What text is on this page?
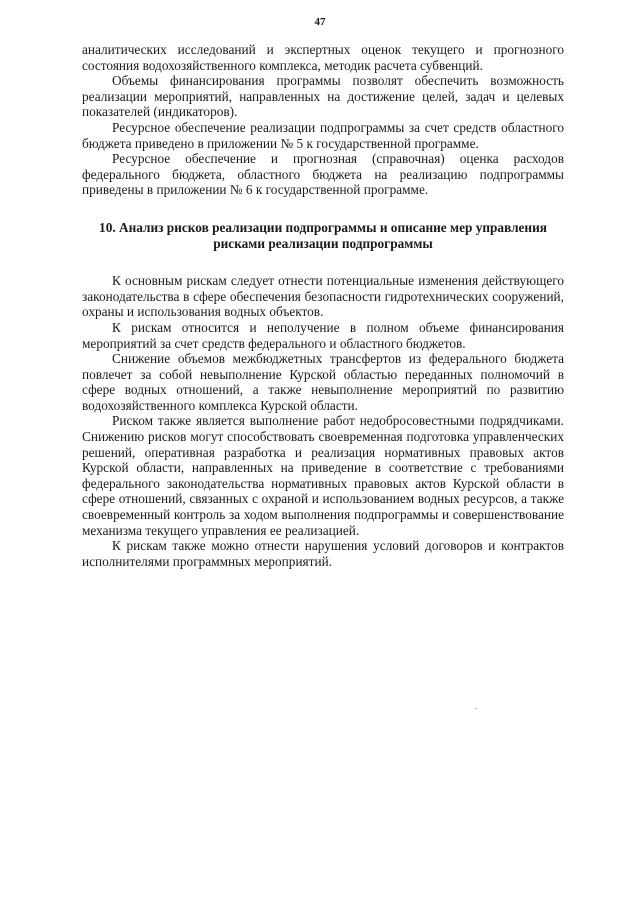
47

аналитических исследований и экспертных оценок текущего и прогнозного состояния водохозяйственного комплекса, методик расчета субвенций.

Объемы финансирования программы позволят обеспечить возможность реализации мероприятий, направленных на достижение целей, задач и целевых показателей (индикаторов).

Ресурсное обеспечение реализации подпрограммы за счет средств областного бюджета приведено в приложении № 5 к государственной программе.

Ресурсное обеспечение и прогнозная (справочная) оценка расходов федерального бюджета, областного бюджета на реализацию подпрограммы приведены в приложении № 6 к государственной программе.

10. Анализ рисков реализации подпрограммы и описание мер управления рисками реализации подпрограммы

К основным рискам следует отнести потенциальные изменения действующего законодательства в сфере обеспечения безопасности гидротехнических сооружений, охраны и использования водных объектов.

К рискам относится и неполучение в полном объеме финансирования мероприятий за счет средств федерального и областного бюджетов.

Снижение объемов межбюджетных трансфертов из федерального бюджета повлечет за собой невыполнение Курской областью переданных полномочий в сфере водных отношений, а также невыполнение мероприятий по развитию водохозяйственного комплекса Курской области.

Риском также является выполнение работ недобросовестными подрядчиками. Снижению рисков могут способствовать своевременная подготовка управленческих решений, оперативная разработка и реализация нормативных правовых актов Курской области, направленных на приведение в соответствие с требованиями федерального законодательства нормативных правовых актов Курской области в сфере отношений, связанных с охраной и использованием водных ресурсов, а также своевременный контроль за ходом выполнения подпрограммы и совершенствование механизма текущего управления ее реализацией.

К рискам также можно отнести нарушения условий договоров и контрактов исполнителями программных мероприятий.
